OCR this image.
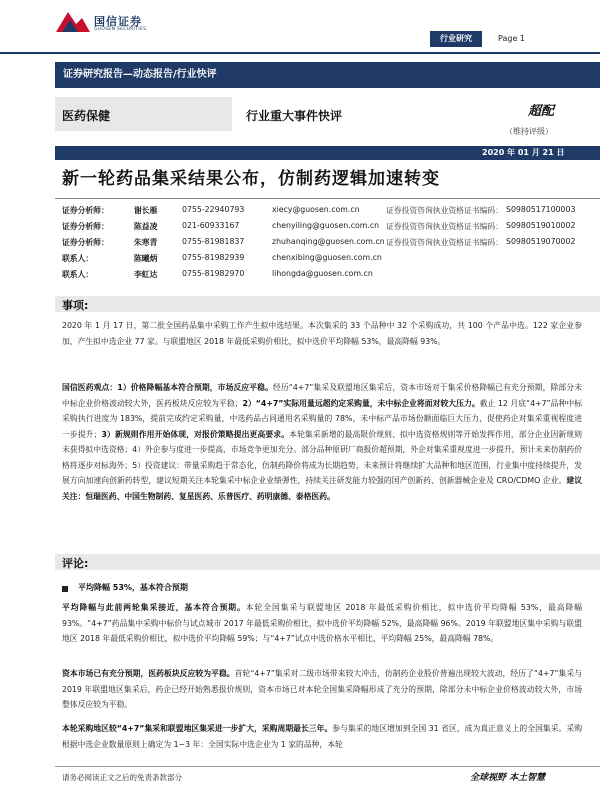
国信证券
GUOSEN SECURITIES
行业研究	Page 1
证券研究报告—动态报告/行业快评
医药保健	行业重大事件快评	超配
（维持评级）
2020 年 01 月 21 日
新一轮药品集采结果公布，仿制药逻辑加速转变
证券分析师：	谢长雁	0755-22940793	xiecy@guosen.com.cn	证券投资咨询执业资格证书编码： S0980517100003
证券分析师：	陈益凌	021-60933167	chenyiling@guosen.com.cn 证券投资咨询执业资格证书编码： S0980519010002
证券分析师：	朱寒青	0755-81981837	zhuhanqing@guosen.com.cn 证券投资咨询执业资格证书编码： S0980519070002
联系人：	陈曦炳	0755-81982939	chenxibing@guosen.com.cn
联系人：	李虹达	0755-81982970	lihongda@guosen.com.cn
事项:

2020 年 1 月 17 日，第二批全国药品集中采购工作产生拟中选结果。本次集采的 33 个品种中 32 个采购成功，共 100 个产品中选。122 家企业参加，产生拟中选企业 77 家。与联盟地区 2018 年最低采购价相比，拟中选价平均降幅 53%，最高降幅 93%。

国信医药观点：1）价格降幅基本符合预期，市场反应平稳。经历“4+7”集采及联盟地区集采后，资本市场对于集采价格降幅已有充分预期，除部分未中标企业价格波动较大外，医药板块反应较为平稳；2）“4+7”实际用量远超约定采购量，未中标企业将面对较大压力。截止 12 月底“4+7”品种中标采购执行进度为 183%，提前完成约定采购量，中选药品占同通用名采购量的 78%，未中标产品市场份额面临巨大压力，促使药企对集采重视程度进一步提升；3）新规则作用开始体现，对报价策略提出更高要求。本轮集采新增的最高限价规则、拟中选资格规则等开始发挥作用，部分企业因新规则未获得拟中选资格；4）外企参与度进一步提高，市场竞争更加充分。部分品种原研厂商报价超预期，外企对集采重视度进一步提升，预计未来仿制药价格将逐步对标海外；5）投资建议：带量采购趋于常态化，仿制药降价将成为长期趋势，未来预计将继续扩大品种和地区范围，行业集中度持续提升，发展方向加速向创新药转型，建议短期关注本轮集采中标企业业绩弹性，持续关注研发能力较强的国产创新药、创新器械企业及 CRO/CDMO 企业。建议关注：恒瑞医药、中国生物制药、复星医药、乐普医疗、药明康德、泰格医药。

评论:
平均降幅 53%，基本符合预期

平均降幅与此前两轮集采接近，基本符合预期。本轮全国集采与联盟地区 2018 年最低采购价相比，拟中选价平均降幅 53%，最高降幅 93%。“4+7”药品集中采购中标价与试点城市 2017 年最低采购价相比，拟中选价平均降幅 52%，最高降幅 96%。2019 年联盟地区集中采购与联盟地区 2018 年最低采购价相比，拟中选价平均降幅 59%；与“4+7”试点中选价格水平相比，平均降幅 25%，最高降幅 78%。

资本市场已有充分预期，医药板块反应较为平稳。首轮“4+7”集采对二级市场带来较大冲击，仿制药企业股价普遍出现较大波动，经历了“4+7”集采与 2019 年联盟地区集采后，药企已经开始熟悉报价规则，资本市场已对本轮全国集采降幅形成了充分的预期，除部分未中标企业价格波动较大外，市场整体反应较为平稳。

本轮采购地区较“4+7”集采和联盟地区集采进一步扩大，采购周期最长三年。参与集采的地区增加到全国 31 省区，成为真正意义上的全国集采。采购根据中选企业数量原则上确定为 1~3 年：全国实际中选企业为 1 家的品种，本轮

请务必阅读正文之后的免责条款部分	全球视野 本土智慧
